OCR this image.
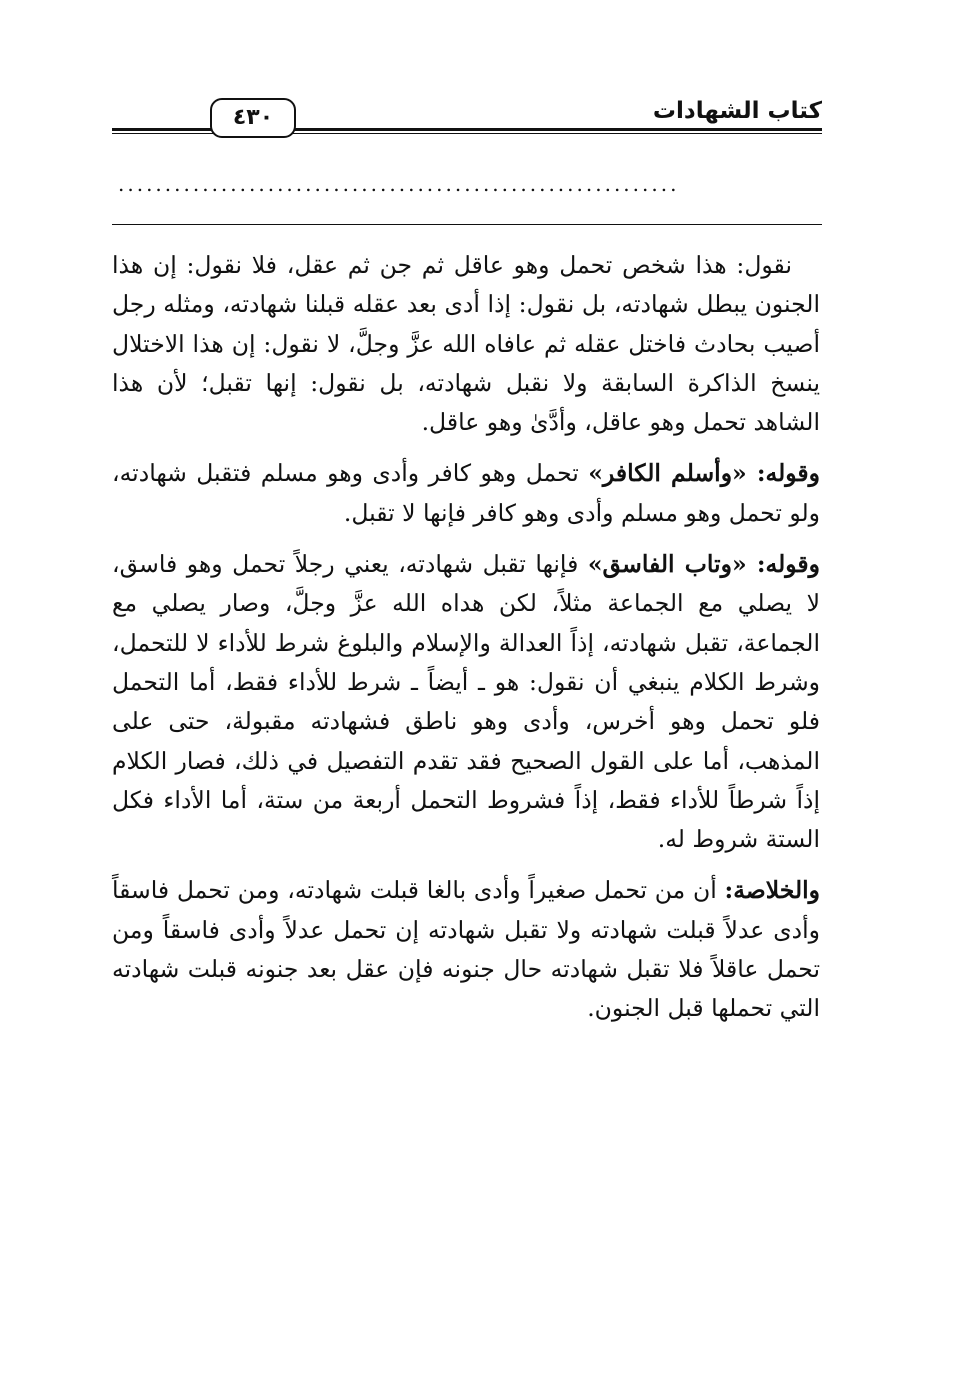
كتاب الشهادات
٤٣٠
............................................................

نقول: هذا شخص تحمل وهو عاقل ثم جن ثم عقل، فلا نقول: إن هذا الجنون يبطل شهادته، بل نقول: إذا أدى بعد عقله قبلنا شهادته، ومثله رجل أصيب بحادث فاختل عقله ثم عافاه الله عزَّ وجلَّ، لا نقول: إن هذا الاختلال ينسخ الذاكرة السابقة ولا نقبل شهادته، بل نقول: إنها تقبل؛ لأن هذا الشاهد تحمل وهو عاقل، وأدَّىٰ وهو عاقل.

وقوله: «وأسلم الكافر» تحمل وهو كافر وأدى وهو مسلم فتقبل شهادته، ولو تحمل وهو مسلم وأدى وهو كافر فإنها لا تقبل.

وقوله: «وتاب الفاسق» فإنها تقبل شهادته، يعني رجلاً تحمل وهو فاسق، لا يصلي مع الجماعة مثلاً، لكن هداه الله عزَّ وجلَّ، وصار يصلي مع الجماعة، تقبل شهادته، إذاً العدالة والإسلام والبلوغ شرط للأداء لا للتحمل، وشرط الكلام ينبغي أن نقول: هو ـ أيضاً ـ شرط للأداء فقط، أما التحمل فلو تحمل وهو أخرس، وأدى وهو ناطق فشهادته مقبولة، حتى على المذهب، أما على القول الصحيح فقد تقدم التفصيل في ذلك، فصار الكلام إذاً شرطاً للأداء فقط، إذاً فشروط التحمل أربعة من ستة، أما الأداء فكل الستة شروط له.

والخلاصة: أن من تحمل صغيراً وأدى بالغا قبلت شهادته، ومن تحمل فاسقاً وأدى عدلاً قبلت شهادته ولا تقبل شهادته إن تحمل عدلاً وأدى فاسقاً ومن تحمل عاقلاً فلا تقبل شهادته حال جنونه فإن عقل بعد جنونه قبلت شهادته التي تحملها قبل الجنون.
